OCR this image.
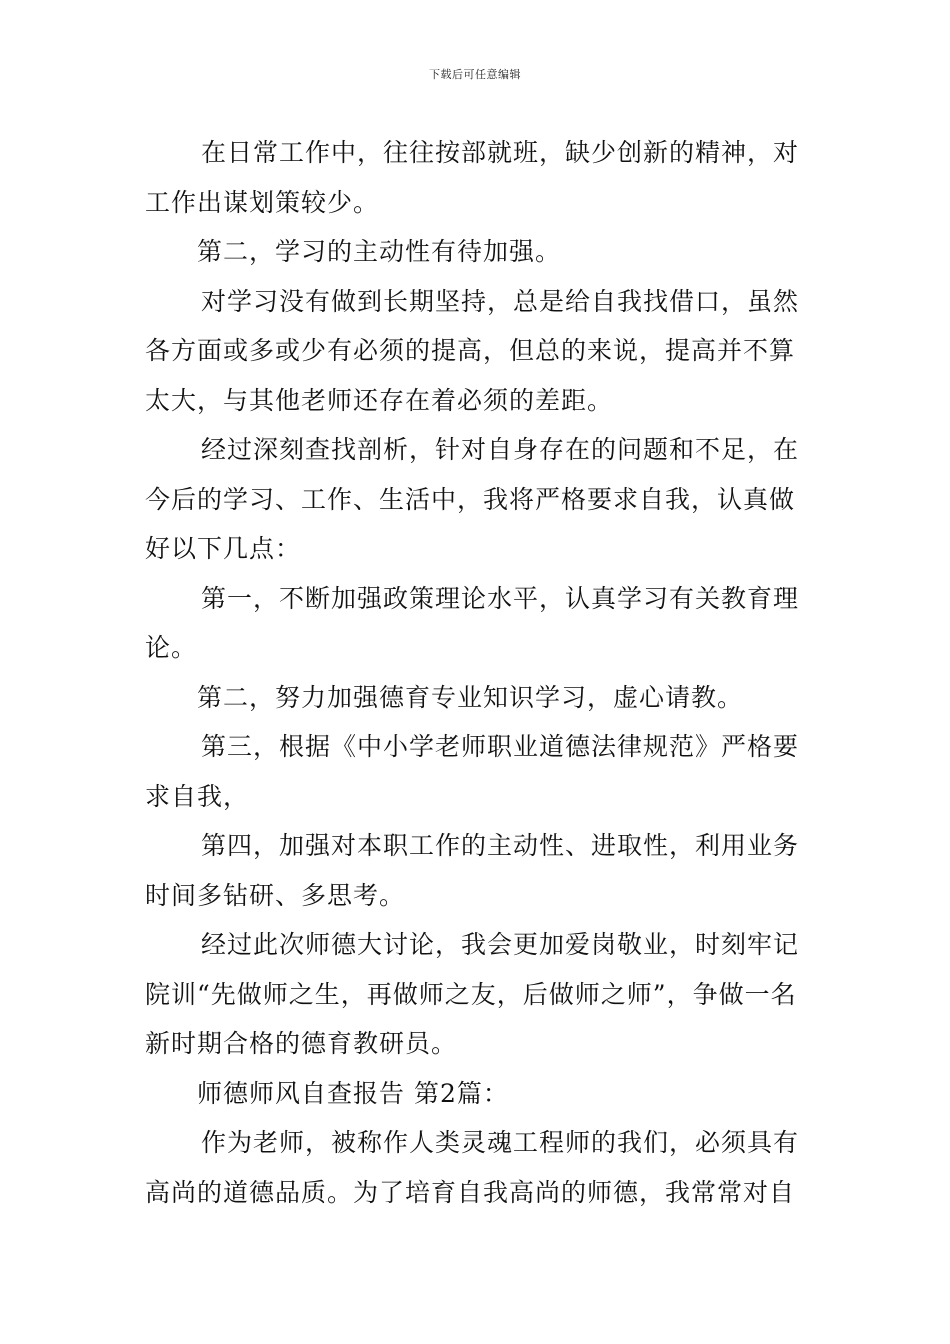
下载后可任意编辑

在日常工作中，往往按部就班，缺少创新的精神，对工作出谋划策较少。

第二，学习的主动性有待加强。

对学习没有做到长期坚持，总是给自我找借口，虽然各方面或多或少有必须的提高，但总的来说，提高并不算太大，与其他老师还存在着必须的差距。

经过深刻查找剖析，针对自身存在的问题和不足，在今后的学习、工作、生活中，我将严格要求自我，认真做好以下几点：

第一，不断加强政策理论水平，认真学习有关教育理论。

第二，努力加强德育专业知识学习，虚心请教。

第三，根据《中小学老师职业道德法律规范》严格要求自我，

第四，加强对本职工作的主动性、进取性，利用业务时间多钻研、多思考。

经过此次师德大讨论，我会更加爱岗敬业，时刻牢记院训“先做师之生，再做师之友，后做师之师”，争做一名新时期合格的德育教研员。

师德师风自查报告 第2篇：

作为老师，被称作人类灵魂工程师的我们，必须具有高尚的道德品质。为了培育自我高尚的师德，我常常对自
